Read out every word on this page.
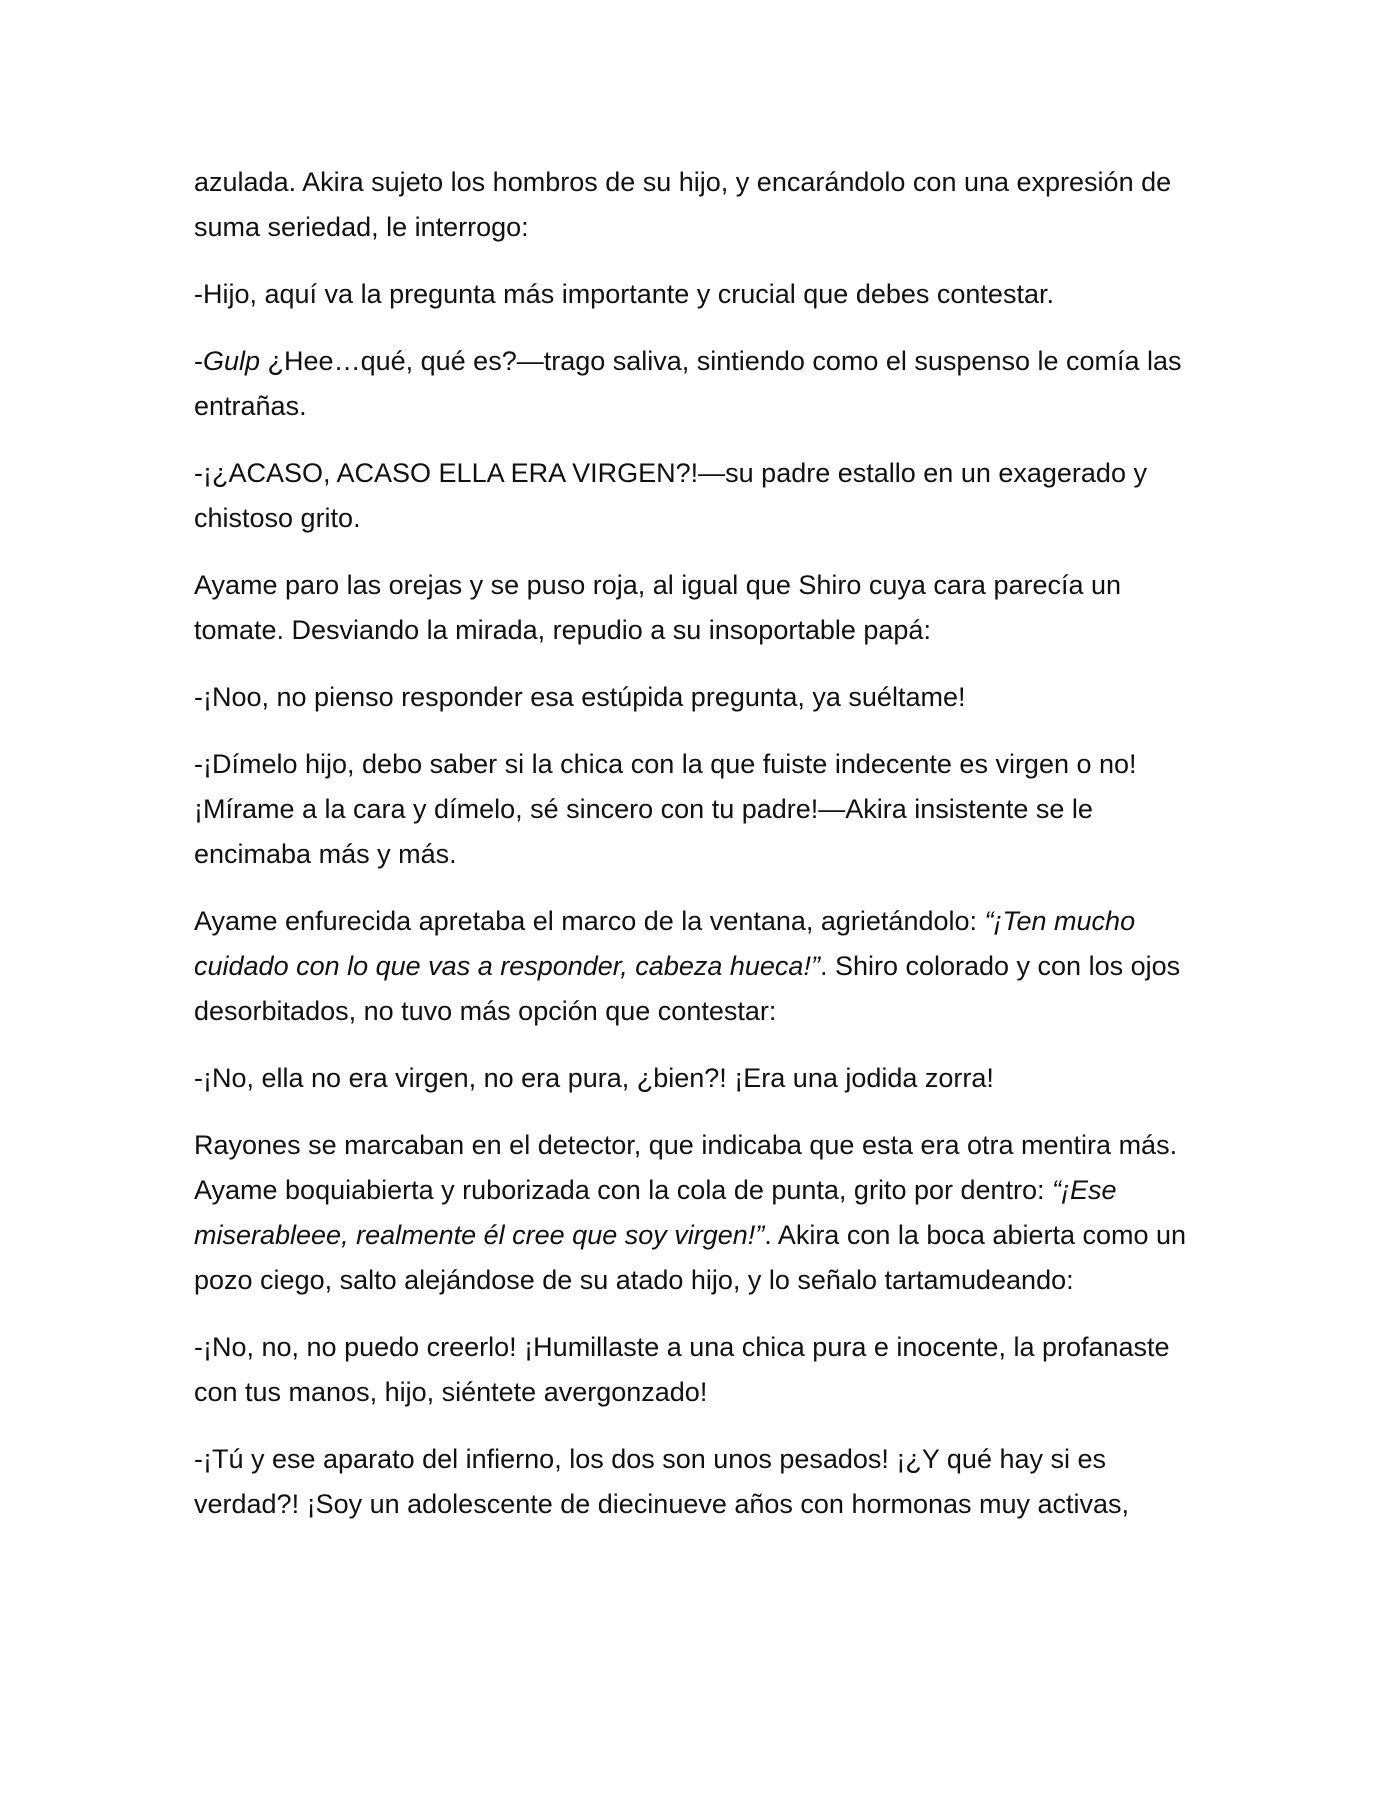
azulada. Akira sujeto los hombros de su hijo, y encarándolo con una expresión de suma seriedad, le interrogo:

-Hijo, aquí va la pregunta más importante y crucial que debes contestar.

-Gulp ¿Hee…qué, qué es?—trago saliva, sintiendo como el suspenso le comía las entrañas.

-¡¿ACASO, ACASO ELLA ERA VIRGEN?!—su padre estallo en un exagerado y chistoso grito.

Ayame paro las orejas y se puso roja, al igual que Shiro cuya cara parecía un tomate. Desviando la mirada, repudio a su insoportable papá:

-¡Noo, no pienso responder esa estúpida pregunta, ya suéltame!

-¡Dímelo hijo, debo saber si la chica con la que fuiste indecente es virgen o no! ¡Mírame a la cara y dímelo, sé sincero con tu padre!—Akira insistente se le encimaba más y más.

Ayame enfurecida apretaba el marco de la ventana, agrietándolo: “¡Ten mucho cuidado con lo que vas a responder, cabeza hueca!”. Shiro colorado y con los ojos desorbitados, no tuvo más opción que contestar:

-¡No, ella no era virgen, no era pura, ¿bien?! ¡Era una jodida zorra!

Rayones se marcaban en el detector, que indicaba que esta era otra mentira más. Ayame boquiabierta y ruborizada con la cola de punta, grito por dentro: “¡Ese miserableee, realmente él cree que soy virgen!”. Akira con la boca abierta como un pozo ciego, salto alejándose de su atado hijo, y lo señalo tartamudeando:

-¡No, no, no puedo creerlo! ¡Humillaste a una chica pura e inocente, la profanaste con tus manos, hijo, siéntete avergonzado!

-¡Tú y ese aparato del infierno, los dos son unos pesados! ¡¿Y qué hay si es verdad?! ¡Soy un adolescente de diecinueve años con hormonas muy activas,
